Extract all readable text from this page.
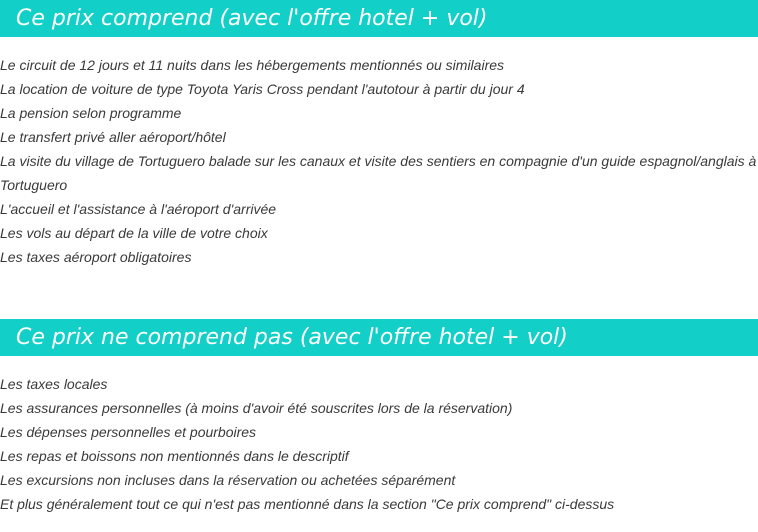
Ce prix comprend (avec l'offre hotel + vol)
Le circuit de 12 jours et 11 nuits dans les hébergements mentionnés ou similaires
La location de voiture de type Toyota Yaris Cross pendant l'autotour à partir du jour 4
La pension selon programme
Le transfert privé aller aéroport/hôtel
La visite du village de Tortuguero balade sur les canaux et visite des sentiers en compagnie d'un guide espagnol/anglais à Tortuguero
L'accueil et l'assistance à l'aéroport d'arrivée
Les vols au départ de la ville de votre choix
Les taxes aéroport obligatoires
Ce prix ne comprend pas (avec l'offre hotel + vol)
Les taxes locales
Les assurances personnelles (à moins d'avoir été souscrites lors de la réservation)
Les dépenses personnelles et pourboires
Les repas et boissons non mentionnés dans le descriptif
Les excursions non incluses dans la réservation ou achetées séparément
Et plus généralement tout ce qui n'est pas mentionné dans la section "Ce prix comprend" ci-dessus
